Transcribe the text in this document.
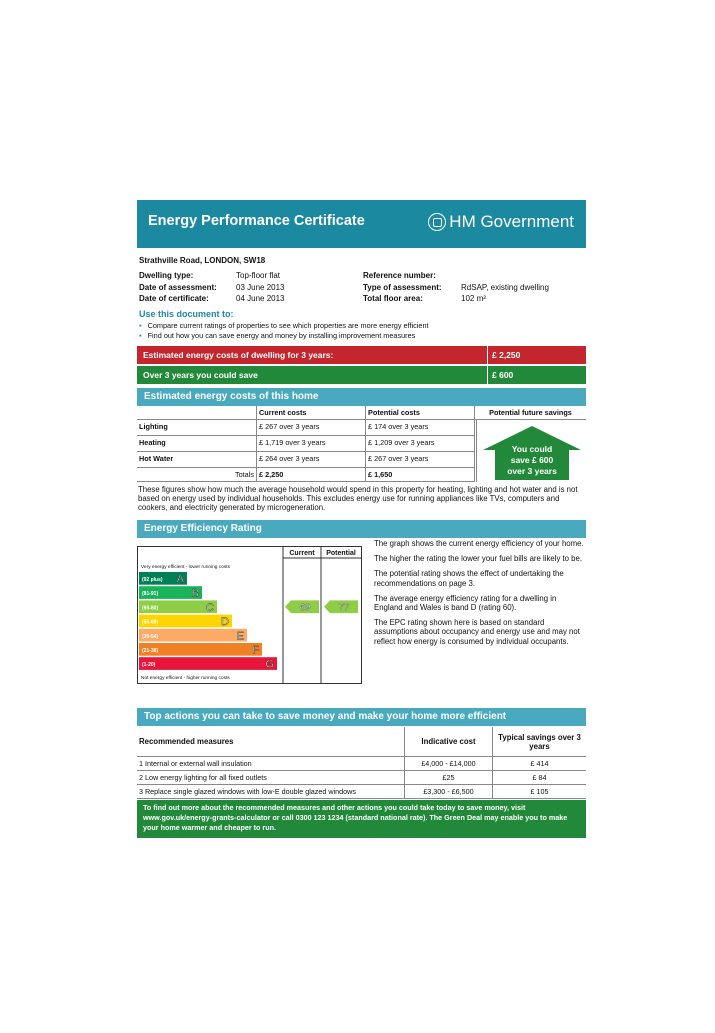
Energy Performance Certificate	HM Government
Strathville Road, LONDON, SW18
Dwelling type:	Top-floor flat	Reference number:
Date of assessment:	03 June 2013	Type of assessment:	RdSAP, existing dwelling
Date of certificate:	04 June 2013	Total floor area:	102 m²
Use this document to:
▪ Compare current ratings of properties to see which properties are more energy efficient
▪ Find out how you can save energy and money by installing improvement measures
Estimated energy costs of dwelling for 3 years:	£ 2,250
Over 3 years you could save	£ 600
Estimated energy costs of this home
Current costs	Potential costs	Potential future savings
Lighting	£ 267 over 3 years	£ 174 over 3 years
Heating	£ 1,719 over 3 years	£ 1,209 over 3 years
Hot Water	£ 264 over 3 years	£ 267 over 3 years
Totals £ 2,250	£ 1,650
You could
save £ 600
over 3 years
These figures show how much the average household would spend in this property for heating, lighting and hot water and is not based on energy used by individual households. This excludes energy use for running appliances like TVs, computers and cookers, and electricity generated by microgeneration.
Energy Efficiency Rating
Current Potential
Very energy efficient - lower running costs
Not energy efficient - higher running costs
(92 plus) A
(81-91)	B
(69-80)	C
(55-68)	D
(39-54)	E
(21-38)	F
(1-20)	G
69	77

The graph shows the current energy efficiency of your home.

The higher the rating the lower your fuel bills are likely to be.

The potential rating shows the effect of undertaking the recommendations on page 3.

The average energy efficiency rating for a dwelling in England and Wales is band D (rating 60).

The EPC rating shown here is based on standard assumptions about occupancy and energy use and may not reflect how energy is consumed by individual occupants.

Top actions you can take to save money and make your home more efficient
Recommended measures	Indicative cost	Typical savings over 3 years
1 Internal or external wall insulation	£4,000 - £14,000	£ 414
2 Low energy lighting for all fixed outlets	£25	£ 84
3 Replace single glazed windows with low-E double glazed windows	£3,300 - £6,500	£ 105
To find out more about the recommended measures and other actions you could take today to save money, visit www.gov.uk/energy-grants-calculator or call 0300 123 1234 (standard national rate). The Green Deal may enable you to make your home warmer and cheaper to run.
